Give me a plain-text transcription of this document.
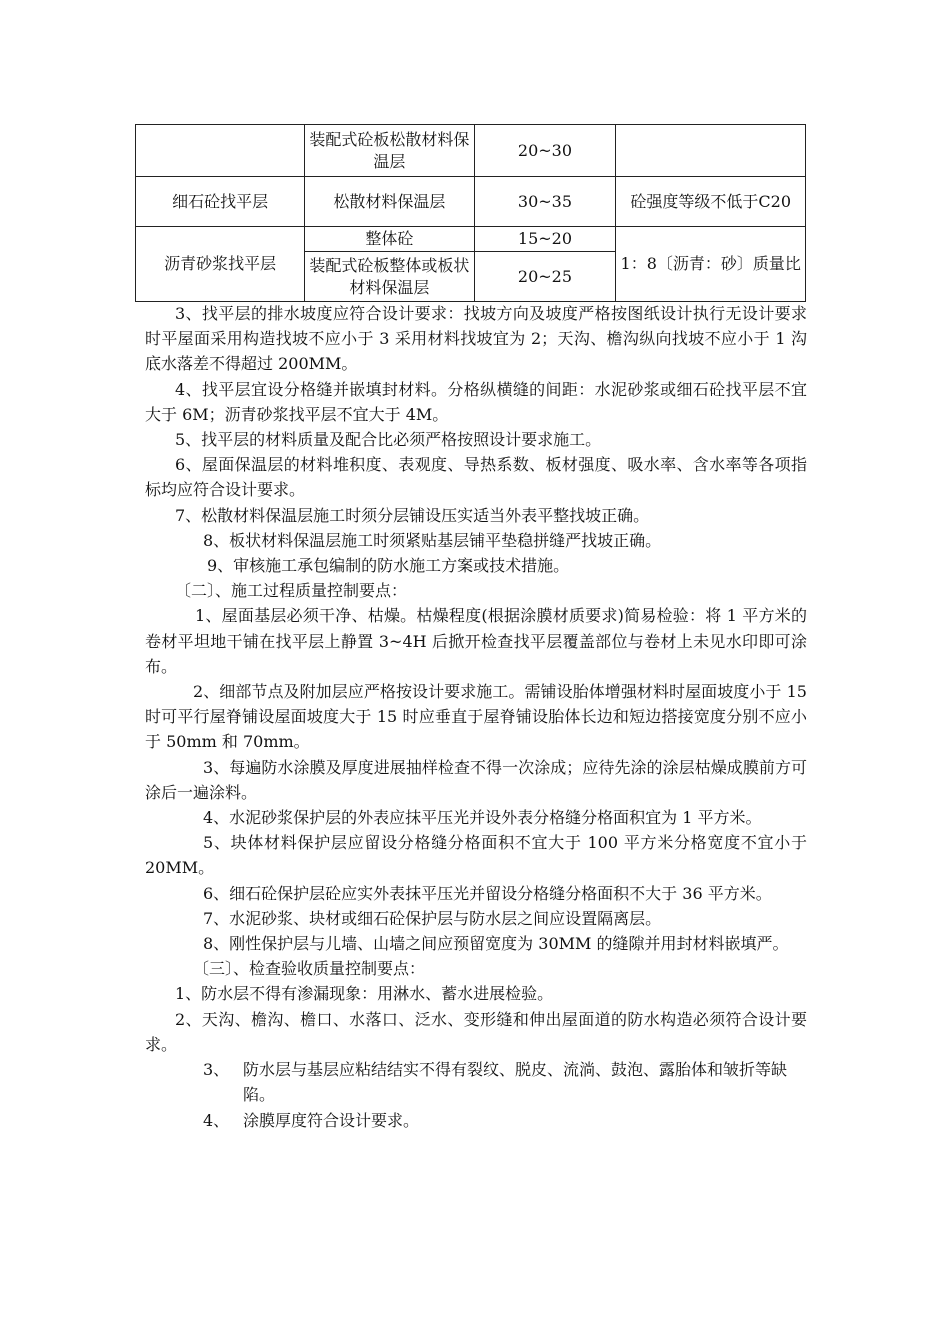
	装配式砼板松散材料保温层	20~30	
细石砼找平层	松散材料保温层	30~35	砼强度等级不低于C20
沥青砂浆找平层	整体砼	15~20	1：8〔沥青：砂〕质量比
	装配式砼板整体或板状材料保温层	20~25	

3、找平层的排水坡度应符合设计要求：找坡方向及坡度严格按图纸设计执行无设计要求时平屋面采用构造找坡不应小于 3 采用材料找坡宜为 2；天沟、檐沟纵向找坡不应小于 1 沟底水落差不得超过 200MM。

4、找平层宜设分格缝并嵌填封材料。分格纵横缝的间距：水泥砂浆或细石砼找平层不宜大于 6M；沥青砂浆找平层不宜大于 4M。

5、找平层的材料质量及配合比必须严格按照设计要求施工。

6、屋面保温层的材料堆积度、表观度、导热系数、板材强度、吸水率、含水率等各项指标均应符合设计要求。

7、松散材料保温层施工时须分层铺设压实适当外表平整找坡正确。

8、板状材料保温层施工时须紧贴基层铺平垫稳拼缝严找坡正确。

9、审核施工承包编制的防水施工方案或技术措施。

〔二〕、施工过程质量控制要点：

1、屋面基层必须干净、枯燥。枯燥程度(根据涂膜材质要求)简易检验：将 1 平方米的卷材平坦地干铺在找平层上静置 3~4H 后掀开检查找平层覆盖部位与卷材上未见水印即可涂布。

2、细部节点及附加层应严格按设计要求施工。需铺设胎体增强材料时屋面坡度小于 15 时可平行屋脊铺设屋面坡度大于 15 时应垂直于屋脊铺设胎体长边和短边搭接宽度分别不应小于 50mm 和 70mm。

3、每遍防水涂膜及厚度进展抽样检查不得一次涂成；应待先涂的涂层枯燥成膜前方可涂后一遍涂料。

4、水泥砂浆保护层的外表应抹平压光并设外表分格缝分格面积宜为 1 平方米。

5、块体材料保护层应留设分格缝分格面积不宜大于 100 平方米分格宽度不宜小于 20MM。

6、细石砼保护层砼应实外表抹平压光并留设分格缝分格面积不大于 36 平方米。

7、水泥砂浆、块材或细石砼保护层与防水层之间应设置隔离层。

8、刚性保护层与儿墙、山墙之间应预留宽度为 30MM 的缝隙并用封材料嵌填严。

〔三〕、检查验收质量控制要点：

1、防水层不得有渗漏现象：用淋水、蓄水进展检验。

2、天沟、檐沟、檐口、水落口、泛水、变形缝和伸出屋面道的防水构造必须符合设计要求。

3、 防水层与基层应粘结结实不得有裂纹、脱皮、流淌、鼓泡、露胎体和皱折等缺陷。
4、 涂膜厚度符合设计要求。
